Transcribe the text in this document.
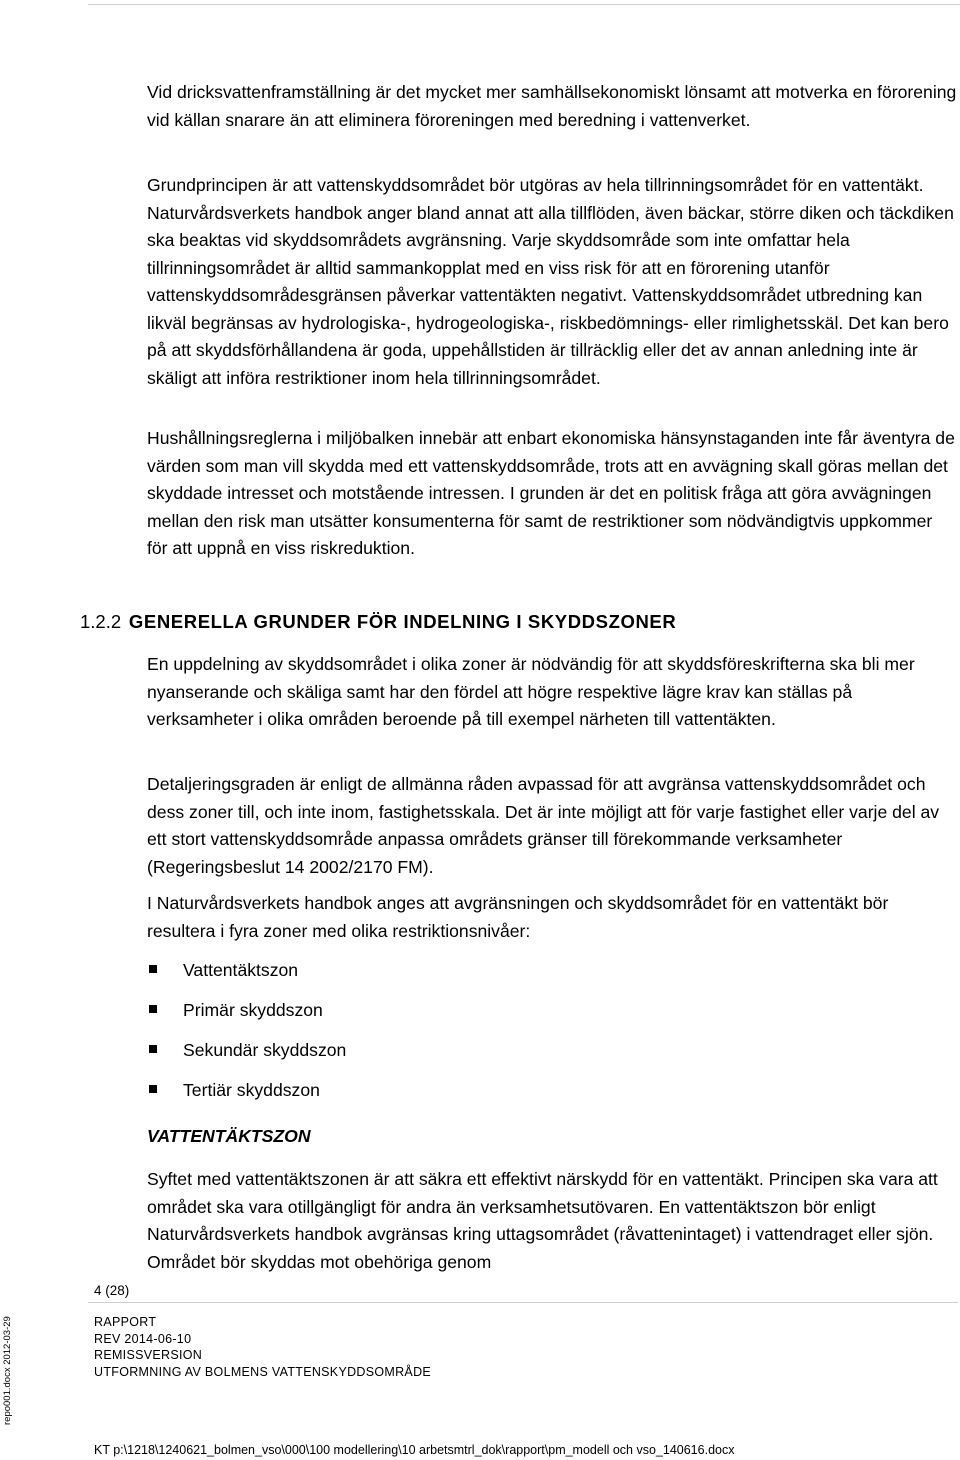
Vid dricksvattenframställning är det mycket mer samhällsekonomiskt lönsamt att motverka en förorening vid källan snarare än att eliminera föroreningen med beredning i vattenverket.

Grundprincipen är att vattenskyddsområdet bör utgöras av hela tillrinningsområdet för en vattentäkt. Naturvårdsverkets handbok anger bland annat att alla tillflöden, även bäckar, större diken och täckdiken ska beaktas vid skyddsområdets avgränsning. Varje skyddsområde som inte omfattar hela tillrinningsområdet är alltid sammankopplat med en viss risk för att en förorening utanför vattenskyddsområdesgränsen påverkar vattentäkten negativt. Vattenskyddsområdet utbredning kan likväl begränsas av hydrologiska-, hydrogeologiska-, riskbedömnings- eller rimlighetsskäl. Det kan bero på att skyddsförhållandena är goda, uppehållstiden är tillräcklig eller det av annan anledning inte är skäligt att införa restriktioner inom hela tillrinningsområdet.

Hushållningsreglerna i miljöbalken innebär att enbart ekonomiska hänsynstaganden inte får äventyra de värden som man vill skydda med ett vattenskyddsområde, trots att en avvägning skall göras mellan det skyddade intresset och motstående intressen. I grunden är det en politisk fråga att göra avvägningen mellan den risk man utsätter konsumenterna för samt de restriktioner som nödvändigtvis uppkommer för att uppnå en viss riskreduktion.

1.2.2 GENERELLA GRUNDER FÖR INDELNING I SKYDDSZONER

En uppdelning av skyddsområdet i olika zoner är nödvändig för att skyddsföreskrifterna ska bli mer nyanserande och skäliga samt har den fördel att högre respektive lägre krav kan ställas på verksamheter i olika områden beroende på till exempel närheten till vattentäkten.

Detaljeringsgraden är enligt de allmänna råden avpassad för att avgränsa vattenskyddsområdet och dess zoner till, och inte inom, fastighetsskala. Det är inte möjligt att för varje fastighet eller varje del av ett stort vattenskyddsområde anpassa områdets gränser till förekommande verksamheter (Regeringsbeslut 14 2002/2170 FM).

I Naturvårdsverkets handbok anges att avgränsningen och skyddsområdet för en vattentäkt bör resultera i fyra zoner med olika restriktionsnivåer:

Vattentäktszon
Primär skyddszon
Sekundär skyddszon
Tertiär skyddszon
VATTENTÄKTSZON

Syftet med vattentäktszonen är att säkra ett effektivt närskydd för en vattentäkt. Principen ska vara att området ska vara otillgängligt för andra än verksamhetsutövaren. En vattentäktszon bör enligt Naturvårdsverkets handbok avgränsas kring uttagsområdet (råvattenintaget) i vattendraget eller sjön. Området bör skyddas mot obehöriga genom

4 (28)
RAPPORT
REV 2014-06-10
REMISSVERSION
UTFORMNING AV BOLMENS VATTENSKYDDSOMRÅDE
repo001.docx 2012-03-29
KT p:\1218\1240621_bolmen_vso\000\100 modellering\10 arbetsmtrl_dok\rapport\pm_modell och vso_140616.docx
